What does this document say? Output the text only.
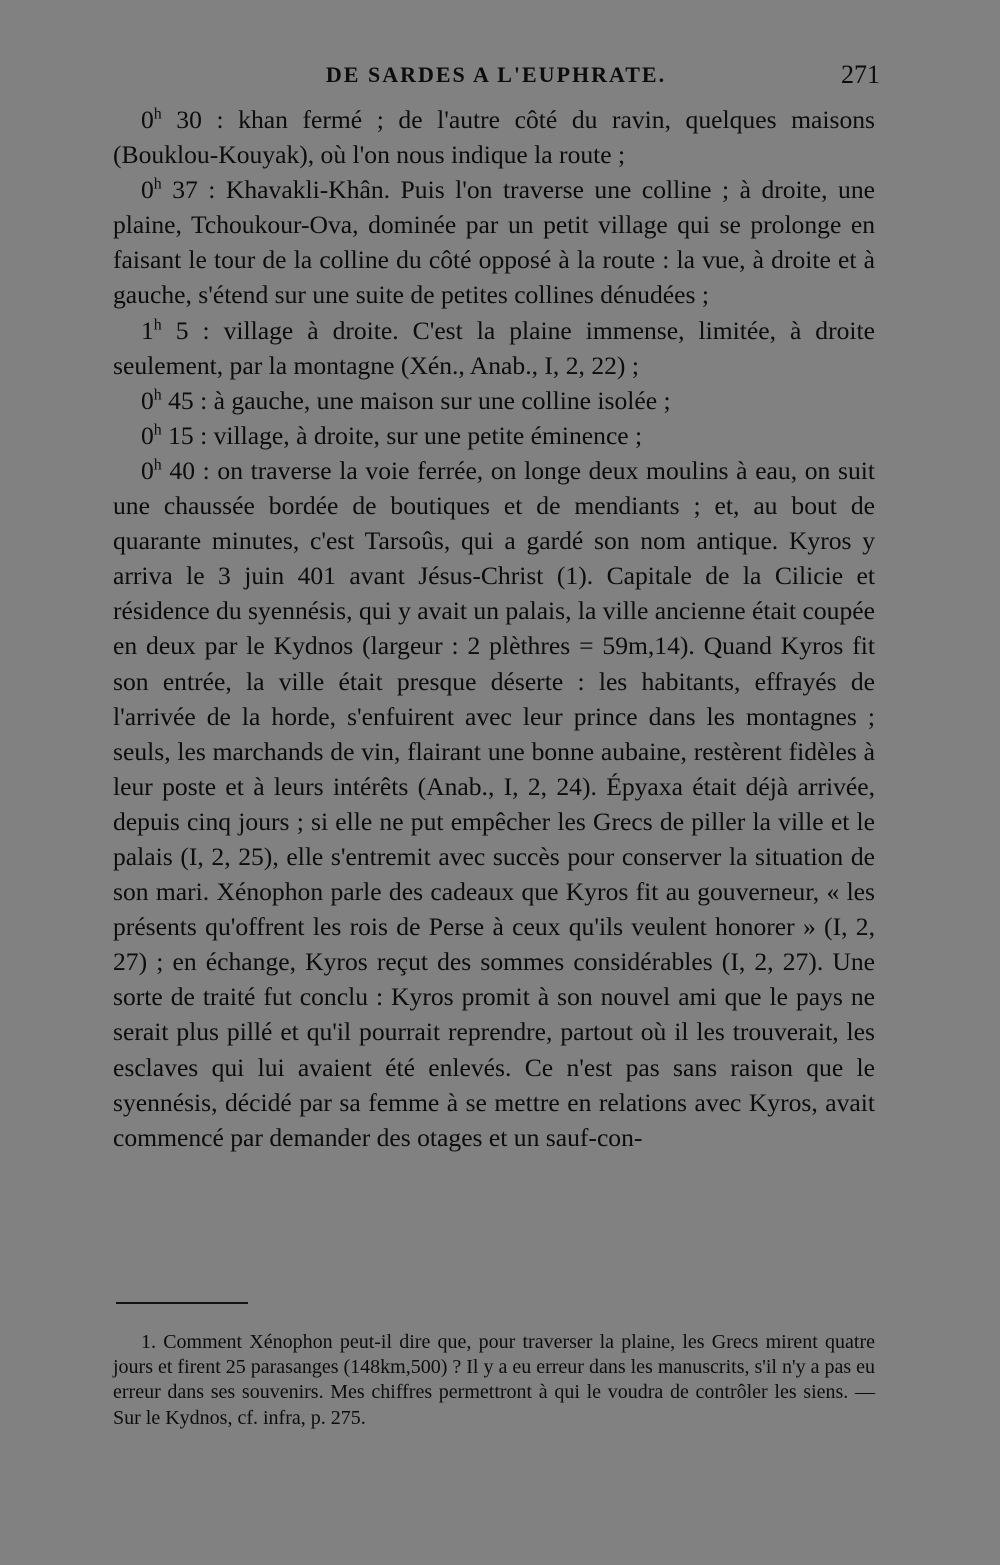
DE SARDES A L'EUPHRATE.	271

0$^h$ 30 : khan fermé ; de l'autre côté du ravin, quelques maisons (Bouklou-Kouyak), où l'on nous indique la route ;

0$^h$ 37 : Khavakli-Khân. Puis l'on traverse une colline ; à droite, une plaine, Tchoukour-Ova, dominée par un petit village qui se prolonge en faisant le tour de la colline du côté opposé à la route : la vue, à droite et à gauche, s'étend sur une suite de petites collines dénudées ;

1$^h$ 5 : village à droite. C'est la plaine immense, limitée, à droite seulement, par la montagne (Xén., Anab., I, 2, 22) ;

0$^h$ 45 : à gauche, une maison sur une colline isolée ;

0$^h$ 15 : village, à droite, sur une petite éminence ;

0$^h$ 40 : on traverse la voie ferrée, on longe deux moulins à eau, on suit une chaussée bordée de boutiques et de mendiants ; et, au bout de quarante minutes, c'est Tarsoûs, qui a gardé son nom antique. Kyros y arriva le 3 juin 401 avant Jésus-Christ (1). Capitale de la Cilicie et résidence du syennésis, qui y avait un palais, la ville ancienne était coupée en deux par le Kydnos (largeur : 2 plèthres = 59m,14). Quand Kyros fit son entrée, la ville était presque déserte : les habitants, effrayés de l'arrivée de la horde, s'enfuirent avec leur prince dans les montagnes ; seuls, les marchands de vin, flairant une bonne aubaine, restèrent fidèles à leur poste et à leurs intérêts (Anab., I, 2, 24). Épyaxa était déjà arrivée, depuis cinq jours ; si elle ne put empêcher les Grecs de piller la ville et le palais (I, 2, 25), elle s'entremit avec succès pour conserver la situation de son mari. Xénophon parle des cadeaux que Kyros fit au gouverneur, « les présents qu'offrent les rois de Perse à ceux qu'ils veulent honorer » (I, 2, 27) ; en échange, Kyros reçut des sommes considérables (I, 2, 27). Une sorte de traité fut conclu : Kyros promit à son nouvel ami que le pays ne serait plus pillé et qu'il pourrait reprendre, partout où il les trouverait, les esclaves qui lui avaient été enlevés. Ce n'est pas sans raison que le syennésis, décidé par sa femme à se mettre en relations avec Kyros, avait commencé par demander des otages et un sauf-con-

1. Comment Xénophon peut-il dire que, pour traverser la plaine, les Grecs mirent quatre jours et firent 25 parasanges (148km,500) ? Il y a eu erreur dans les manuscrits, s'il n'y a pas eu erreur dans ses souvenirs. Mes chiffres permettront à qui le voudra de contrôler les siens. — Sur le Kydnos, cf. infra, p. 275.
